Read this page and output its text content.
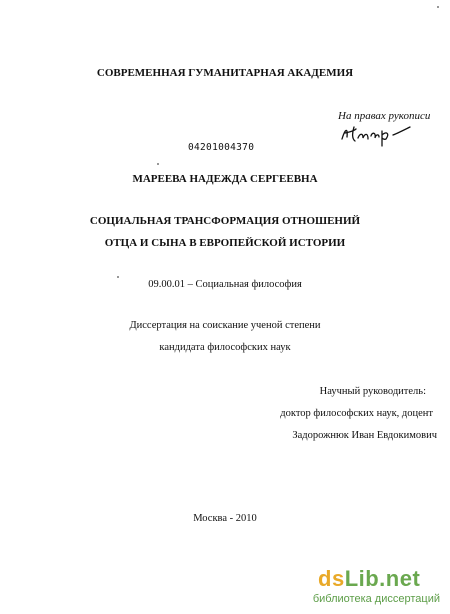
СОВРЕМЕННАЯ ГУМАНИТАРНАЯ АКАДЕМИЯ
На правах рукописи
04201004370
МАРЕЕВА НАДЕЖДА СЕРГЕЕВНА
СОЦИАЛЬНАЯ ТРАНСФОРМАЦИЯ ОТНОШЕНИЙ
ОТЦА И СЫНА В ЕВРОПЕЙСКОЙ ИСТОРИИ
09.00.01 – Социальная философия
Диссертация на соискание ученой степени
кандидата философских наук
Научный руководитель:
доктор философских наук, доцент
Задорожнюк Иван Евдокимович
Москва - 2010
dsLib.net
библиотека диссертаций
